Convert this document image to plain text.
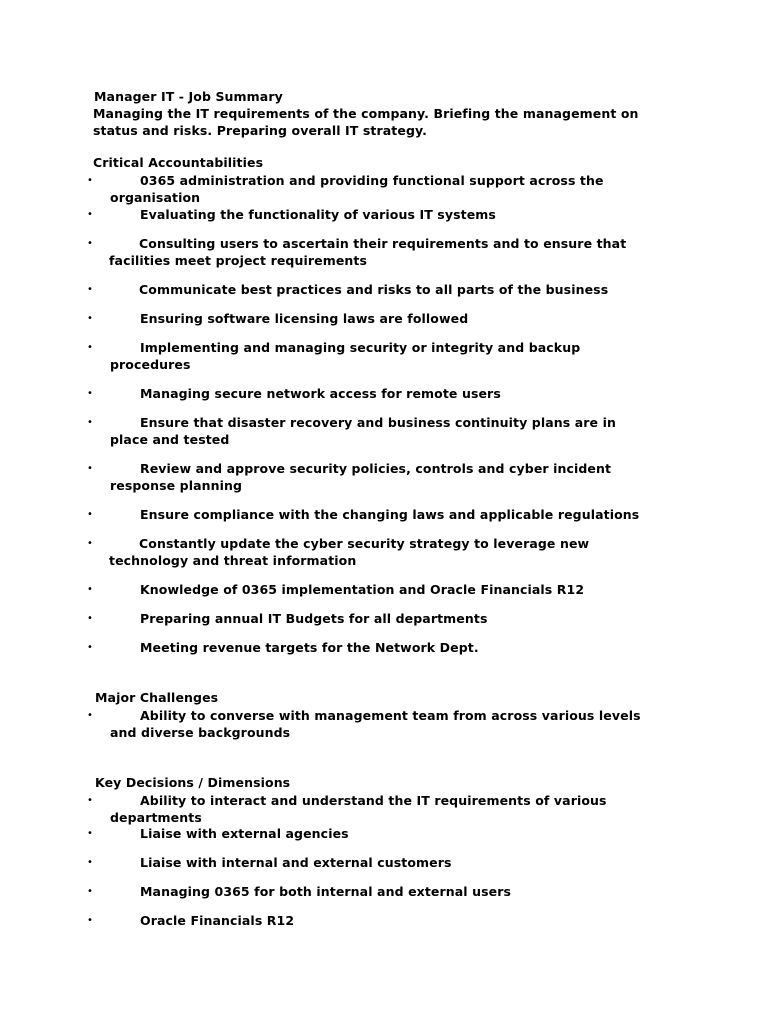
Manager IT - Job Summary
Managing the IT requirements of the company. Briefing the management on
status and risks. Preparing overall IT strategy.
Critical Accountabilities
•	0365 administration and providing functional support across the
organisation
•	Evaluating the functionality of various IT systems
•	Consulting users to ascertain their requirements and to ensure that
facilities meet project requirements
•	Communicate best practices and risks to all parts of the business
•	Ensuring software licensing laws are followed
•	Implementing and managing security or integrity and backup
procedures
•	Managing secure network access for remote users
•	Ensure that disaster recovery and business continuity plans are in
place and tested
•	Review and approve security policies, controls and cyber incident
response planning
•	Ensure compliance with the changing laws and applicable regulations
•	Constantly update the cyber security strategy to leverage new
technology and threat information
•	Knowledge of 0365 implementation and Oracle Financials R12
•	Preparing annual IT Budgets for all departments
•	Meeting revenue targets for the Network Dept.
Major Challenges
•	Ability to converse with management team from across various levels
and diverse backgrounds
Key Decisions / Dimensions
•	Ability to interact and understand the IT requirements of various
departments
•	Liaise with external agencies
•	Liaise with internal and external customers
•	Managing 0365 for both internal and external users
•	Oracle Financials R12
